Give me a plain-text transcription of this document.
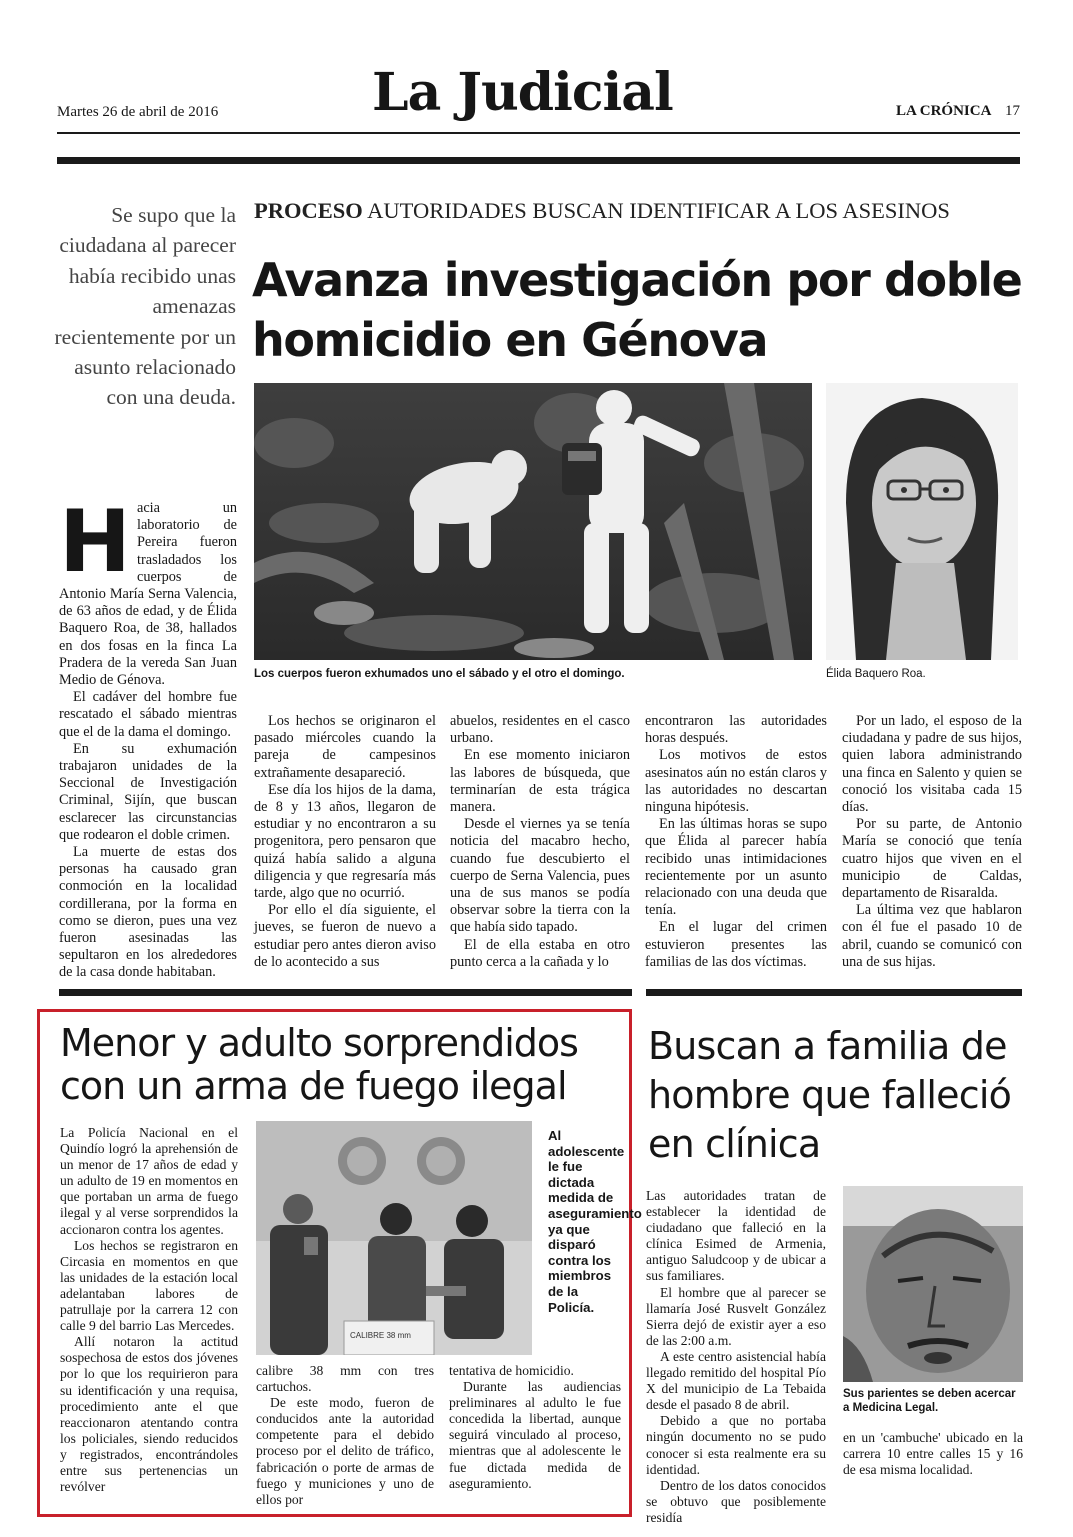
Martes 26 de abril de 2016	La Judicial	LA CRÓNICA 17
Se supo que la ciudadana al parecer había recibido unas amenazas recientemente por un asunto relacionado con una deuda.
PROCESO AUTORIDADES BUSCAN IDENTIFICAR A LOS ASESINOS
Avanza investigación por doble homicidio en Génova
Los cuerpos fueron exhumados uno el sábado y el otro el domingo.	Élida Baquero Roa.
H acia un laboratorio de Pereira fueron trasladados los cuerpos de Antonio María Serna Valencia, de 63 años de edad, y de Élida Baquero Roa, de 38, hallados en dos fosas en la finca La Pradera de la vereda San Juan Medio de Génova.

El cadáver del hombre fue rescatado el sábado mientras que el de la dama el domingo.

En su exhumación trabajaron unidades de la Seccional de Investigación Criminal, Sijín, que buscan esclarecer las circunstancias que rodearon el doble crimen.

La muerte de estas dos personas ha causado gran conmoción en la localidad cordillerana, por la forma en como se dieron, pues una vez fueron asesinadas las sepultaron en los alrededores de la casa donde habitaban.

Los hechos se originaron el pasado miércoles cuando la pareja de campesinos extrañamente desapareció.

Ese día los hijos de la dama, de 8 y 13 años, llegaron de estudiar y no encontraron a su progenitora, pero pensaron que quizá había salido a alguna diligencia y que regresaría más tarde, algo que no ocurrió.

Por ello el día siguiente, el jueves, se fueron de nuevo a estudiar pero antes dieron aviso de lo acontecido a sus

abuelos, residentes en el casco urbano.

En ese momento iniciaron las labores de búsqueda, que terminarían de esta trágica manera.

Desde el viernes ya se tenía noticia del macabro hecho, cuando fue descubierto el cuerpo de Serna Valencia, pues una de sus manos se podía observar sobre la tierra con la que había sido tapado.

El de ella estaba en otro punto cerca a la cañada y lo

encontraron las autoridades horas después.

Los motivos de estos asesinatos aún no están claros y las autoridades no descartan ninguna hipótesis.

En las últimas horas se supo que Élida al parecer había recibido unas intimidaciones recientemente por un asunto relacionado con una deuda que tenía.

En el lugar del crimen estuvieron presentes las familias de las dos víctimas.

Por un lado, el esposo de la ciudadana y padre de sus hijos, quien labora administrando una finca en Salento y quien se conoció los visitaba cada 15 días.

Por su parte, de Antonio María se conoció que tenía cuatro hijos que viven en el municipio de Caldas, departamento de Risaralda.

La última vez que hablaron con él fue el pasado 10 de abril, cuando se comunicó con una de sus hijas.

Menor y adulto sorprendidos con un arma de fuego ilegal

La Policía Nacional en el Quindío logró la aprehensión de un menor de 17 años de edad y un adulto de 19 en momentos en que portaban un arma de fuego ilegal y al verse sorprendidos la accionaron contra los agentes.

Los hechos se registraron en Circasia en momentos en que las unidades de la estación local adelantaban labores de patrullaje por la carrera 12 con calle 9 del barrio Las Mercedes.

Allí notaron la actitud sospechosa de estos dos jóvenes por lo que los requirieron para su identificación y una requisa, procedimiento ante el que reaccionaron atentando contra los policiales, siendo reducidos y registrados, encontrándoles entre sus pertenencias un revólver

CALIBRE 38 mm
Al adolescente le fue dictada medida de aseguramiento ya que disparó contra los miembros de la Policía.

calibre 38 mm con tres cartuchos.

De este modo, fueron de conducidos ante la autoridad competente para el debido proceso por el delito de tráfico, fabricación o porte de armas de fuego y municiones y uno de ellos por

tentativa de homicidio.

Durante las audiencias preliminares al adulto le fue concedida la libertad, aunque seguirá vinculado al proceso, mientras que al adolescente le fue dictada medida de aseguramiento.

Buscan a familia de hombre que falleció en clínica

Las autoridades tratan de establecer la identidad de ciudadano que falleció en la clínica Esimed de Armenia, antiguo Saludcoop y de ubicar a sus familiares.

El hombre que al parecer se llamaría José Rusvelt González Sierra dejó de existir ayer a eso de las 2:00 a.m.

A este centro asistencial había llegado remitido del hospital Pío X del municipio de La Tebaida desde el pasado 8 de abril.

Debido a que no portaba ningún documento no se pudo conocer si esta realmente era su identidad.

Dentro de los datos conocidos se obtuvo que posiblemente residía

Sus parientes se deben acercar a Medicina Legal.

en un 'cambuche' ubicado en la carrera 10 entre calles 15 y 16 de esa misma localidad.
